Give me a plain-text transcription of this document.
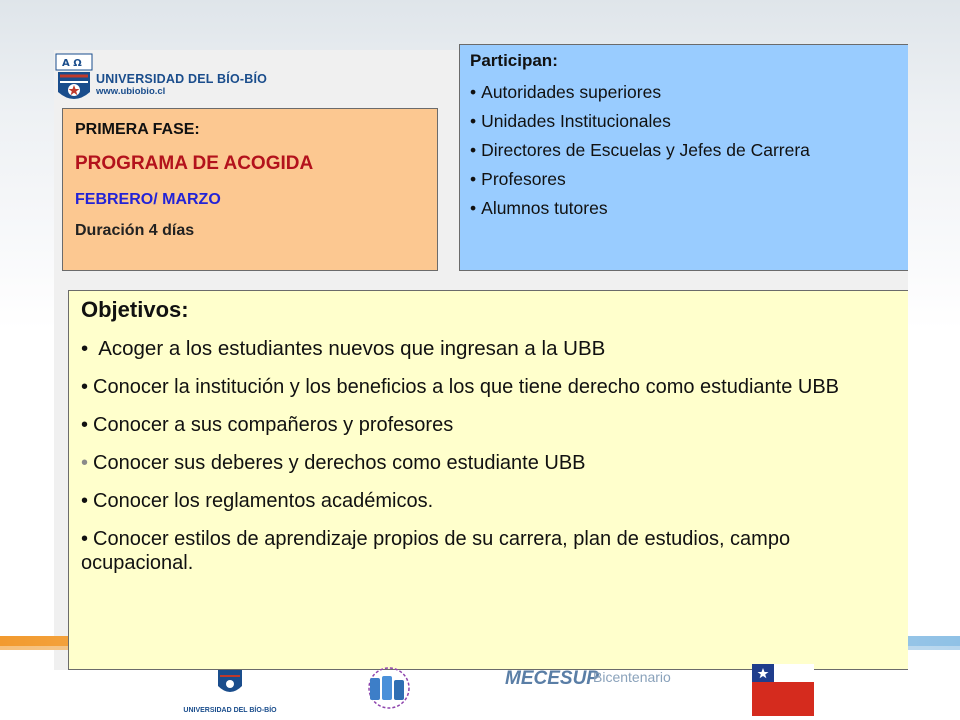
A Ω
UNIVERSIDAD DEL BÍO-BÍO
www.ubiobio.cl

PRIMERA FASE:

PROGRAMA DE ACOGIDA

FEBRERO/ MARZO

Duración 4 días

Participan:

• Autoridades superiores
• Unidades Institucionales
• Directores de Escuelas y Jefes de Carrera
• Profesores
• Alumnos tutores

Objetivos:

• Acoger a los estudiantes nuevos que ingresan a la UBB
• Conocer la institución y los beneficios a los que tiene derecho como estudiante UBB
• Conocer a sus compañeros y profesores
• Conocer sus deberes y derechos como estudiante UBB
• Conocer los reglamentos académicos.
• Conocer estilos de aprendizaje propios de su carrera, plan de estudios, campo ocupacional.
UNIVERSIDAD DEL BÍO-BÍO
MECESUP
Bicentenario
